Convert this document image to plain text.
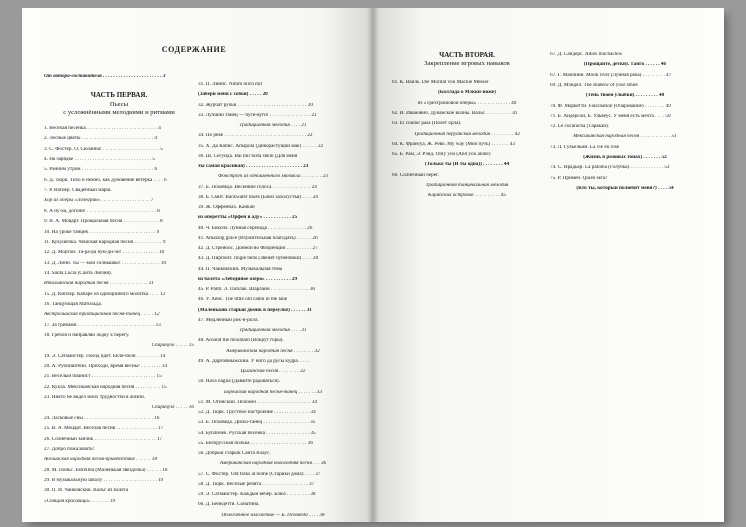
СОДЕРЖАНИЕ
От автора-составителя . . . . . . . . . . . . . . . . . . . . . . . 3
ЧАСТЬ ПЕРВАЯ.
Пьесы
с усложнёнными мелодиями и ритмами
1. Весёлая песенка. . . . . . . . . . . . . . . . . . . . . . . . . . . . 4
2. Лесные цветы . . . . . . . . . . . . . . . . . . . . . . . . . . . . 4
3. С. Фостер. О, Сюзанна! . . . . . . . . . . . . . . . . . . . . . . 5
4. На зарядке . . . . . . . . . . . . . . . . . . . . . . . . . . . . . . 5
5. Ранним утром . . . . . . . . . . . . . . . . . . . . . . . . . . . . 6
6. Д. Тюрк. Тихо и нежно, как дуновение ветерка . . . . 6
7. Р. Вагнер. Свадебный марш.
Хор из оперы «Лоэнгрин» . . . . . . . . . . . . . . . . . . . 7
8. А ну-ка, догони! . . . . . . . . . . . . . . . . . . . . . . . . . . . 8
9. В. А. Моцарт. Прощальная песня . . . . . . . . . . . . . . 8
10. На уроке танцев . . . . . . . . . . . . . . . . . . . . . . . . . . 9
11. Кукушечка. Чешская народная песня . . . . . . . . . . . 9
12. Д. Мортон. Та-ра-ра бум-ди-эй! . . . . . . . . . . . . . . 10
13. Д. Линн. Ты — мой солнышко! . . . . . . . . . . . . . . . 10
14. Santa Lucia (Санта Лючия).
Итальянская народная песня . . . . . . . . . . . . . . . 11
15. Д. Киплер. Кабаре из одноцийного молитка . . . . 12
16. Танцующая Матильда.
Австралийская традиционная песня-танец . . . . . 12
17. За грибами . . . . . . . . . . . . . . . . . . . . . . . . . . . . . . 13
18. Гребля и направляй лодку к берегу.
Спиричуэл . . . . . 15
19. Э. Сатмайстер. Поезд идёт. Бели-бели . . . . . . . . . 14
20. А. Рубинштейн. Приходи, время весны! . . . . . . . . 14
21. Весёлый пианист . . . . . . . . . . . . . . . . . . . . . . . . . 15
22. Кукла. Мексиканская народная песня . . . . . . . . . . 15
23. Никто не видел моих трудностей в жизни.
Спиричуэл . . . . . 16
24. Ласковые сны . . . . . . . . . . . . . . . . . . . . . . . . . . . 16
25. В. А. Моцарт. Весёлая песня . . . . . . . . . . . . . . . . 17
26. Солнечный зайчик . . . . . . . . . . . . . . . . . . . . . . . . 17
27. Добро пожаловать!
Английская народная песня-приветствие . . . . . . 18
28. М. Поньс. Estrellita (Маленькая звёздочка) . . . . . . 18
29. В музыкальную школу . . . . . . . . . . . . . . . . . . . . . 19
30. П. И. Чайковский. Вальс из балета
«Спящая красавица» . . . . . . . 19
31. П. Линис. Nimm mich mit
(Забери меня с собой) . . . . . 20
32. Журчат ручьи . . . . . . . . . . . . . . . . . . . . . . . . . . . 20
33. Лучший танец — буги-вуги! . . . . . . . . . . . . . . . . 21
Традиционная мелодия . . . . 21
34. По реке . . . . . . . . . . . . . . . . . . . . . . . . . . . . . . . . 22
35. Х. Да Капис. Amapola (Дикорастущий мак) . . . . . . 22
36. Ш. Сегунда. Bai mir bista shein (Для меня
ты самая красивая) . . . . . . . . . . . . . . . . . . . . . . 23
Фокстрот из одноимённого мюзикла . . . . . . . . 23
37. Б. Псковеда. Весенние голоса . . . . . . . . . . . . . . . 24
38. Б. Смит. Backwater blues (Блюз захолустья) . . . . 24
39. Ж. Оффенбах. Канкан
из оперетты «Орфей в аду» . . . . . . . . . . . 25
40. Ч. Бикснэ. Лунная серенада . . . . . . . . . . . . . . . 26
41. Amazing grace (Изумительная благодать) . . . . . . 26
42. Д. Стрейбос. Донной во Флоренции . . . . . . . . . . 27
43. Д. Пирпонт. Jingle bells (Звенят бубенчики) . . . . 28
44. П. Чайковский. Музыкальная тема
из балета «Лебединое озеро» . . . . . . . . . . 29
45. Р. Рапп. Л. Поплак. Шарлайн . . . . . . . . . . . . . . . 30
46. У. Хейс. The little old cabin in the lane
(Маленький старый домик в переулке) . . . . . . 31
47. Медленный рок-н-ролл.
Традиционная мелодия . . . . 31
48. Around the mountain (Вокруг горы).
Американская народная песня . . . . . . . . 32
49. А. Дарговмыжский. У ного да русы кудра. . . . .
Цыганская песня . . . . . . . . 32
50. Hava nagila (Давайте радоваться).
Еврейская народная песня-танец . . . . . . . 33
51. М. Огинский. Полонез . . . . . . . . . . . . . . . . . . . . . 34
52. Д. Тюрк. Грустное настроение . . . . . . . . . . . . . . 34
53. Б. Псковеда. Диско-танец . . . . . . . . . . . . . . . . . . 35
54. Бубличек. Русская песенка . . . . . . . . . . . . . . . . . 35
55. Белорусская полька . . . . . . . . . . . . . . . . . . . . . . 36
56. Добрый старый Санта Клаус.
Американская народная новогодняя песня . . . 36
57. С. Фостер. Old folks at home (Старики дома) . . . . 37
58. Д. Тюрк. Весёлые ребята . . . . . . . . . . . . . . . . . . 37
59. Э. Сатмайстер. Каждый вечер. Блюз . . . . . . . . . 38
60. Д. Бенедетти. Сонатина.
Облегчённое изложение — Б. Псковеда . . . . 38
ЧАСТЬ ВТОРАЯ.
Закрепление игровых навыков
61. К. Вайль. Die Moritat von Mackie Messer
(Баллада о Мэкки-ноже)
из «Трёхгрошовой оперы» . . . . . . . . . . . . . 40
62. И. Иванович. Дунайские волны. Вальс . . . . . . . . . . 41
63. El condor pasa (Полёт орла).
Традиционная перуанская мелодия . . . . . . . . . 42
64. К. Франсуа, Ж. Рево. My way (Мой путь) . . . . . . . 43
65. Б. Рам, Э. Рэнд. Only you (And you alone)
(Только ты (И ты одна)) . . . . . . . . 44
66. Солнечный берег.
Традиционная танцевальная мелодия
Карибских островов . . . . . . . . . . 45
67. Д. Сандерс. Adios muchachos
(Прощайте, детки). Танго . . . . . . 46
67. Г. Манчини. Moon river (Лунная река) . . . . . . . . . 47
69. Д. Мэндел. The shadow of your smile
(Тень твоей улыбки) . . . . . . . . . 48
70. Ф. Маркетти. Fascination (Очарование) . . . . . . . . 49
71. Б. Андерсон, Б. Ульвеус. У меня есть мечта . . . . 50
72. Le cucaracha (Таракан).
Мексиканская народная песня . . . . . . . . . . . . 51
73. Л. Гульельми. La vie en rose
(Жизнь в розовых тонах) . . . . . . . 52
74. С. Ирадьер. La paloma (Голубка) . . . . . . . . . . . . . 53
75. Р. Примен. Quién será?
(Кто ты, который полюбит меня?) . . . . 54
